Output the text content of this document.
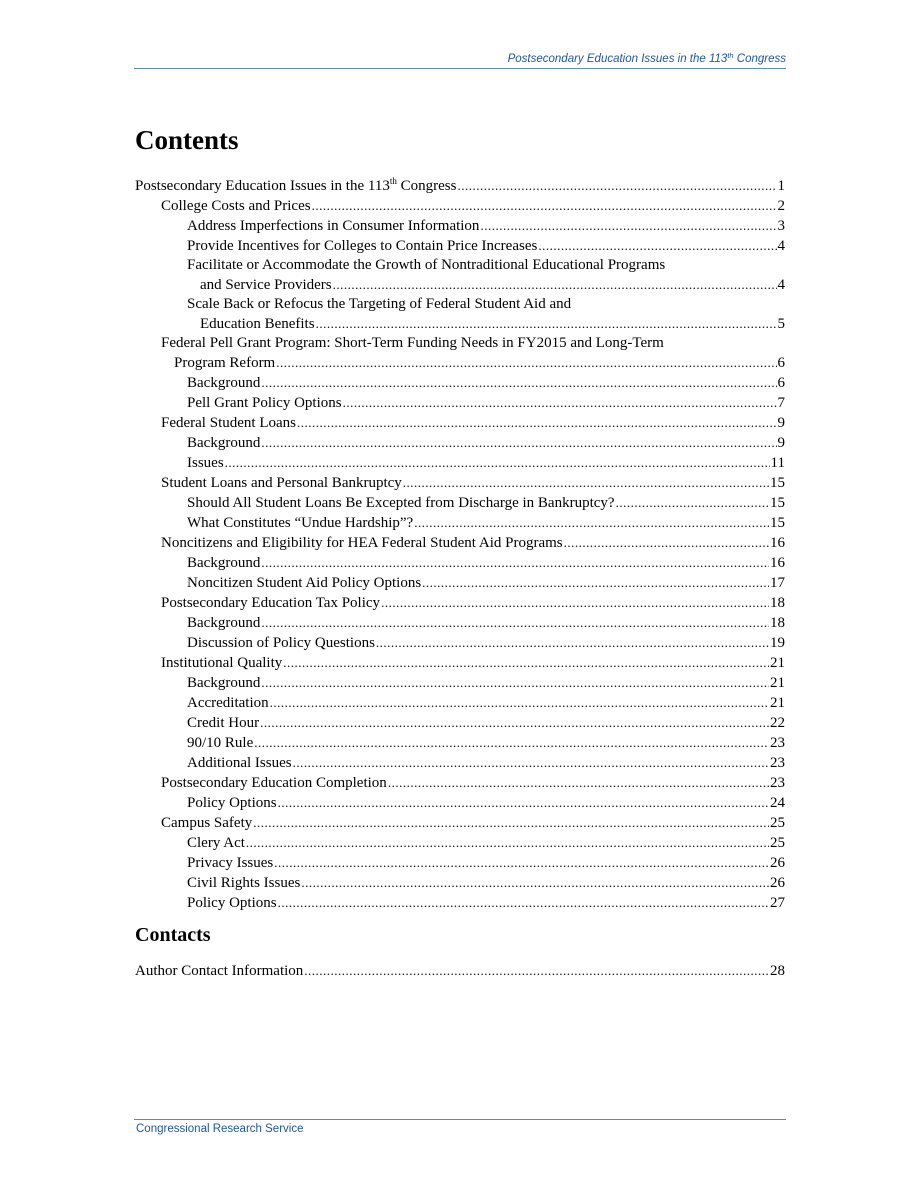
Postsecondary Education Issues in the 113th Congress
Contents
Postsecondary Education Issues in the 113th Congress .....	1
College Costs and Prices .....	2
Address Imperfections in Consumer Information .....	3
Provide Incentives for Colleges to Contain Price Increases .....	4
Facilitate or Accommodate the Growth of Nontraditional Educational Programs
and Service Providers .....	4
Scale Back or Refocus the Targeting of Federal Student Aid and
Education Benefits .....	5
Federal Pell Grant Program: Short-Term Funding Needs in FY2015 and Long-Term
Program Reform .....	6
Background .....	6
Pell Grant Policy Options .....	7
Federal Student Loans .....	9
Background .....	9
Issues .....	11
Student Loans and Personal Bankruptcy .....	15
Should All Student Loans Be Excepted from Discharge in Bankruptcy? .....	15
What Constitutes “Undue Hardship”? .....	15
Noncitizens and Eligibility for HEA Federal Student Aid Programs .....	16
Background .....	16
Noncitizen Student Aid Policy Options .....	17
Postsecondary Education Tax Policy .....	18
Background .....	18
Discussion of Policy Questions .....	19
Institutional Quality .....	21
Background .....	21
Accreditation .....	21
Credit Hour .....	22
90/10 Rule .....	23
Additional Issues .....	23
Postsecondary Education Completion .....	23
Policy Options .....	24
Campus Safety .....	25
Clery Act .....	25
Privacy Issues .....	26
Civil Rights Issues .....	26
Policy Options .....	27
Contacts
Author Contact Information .....	28
Congressional Research Service
